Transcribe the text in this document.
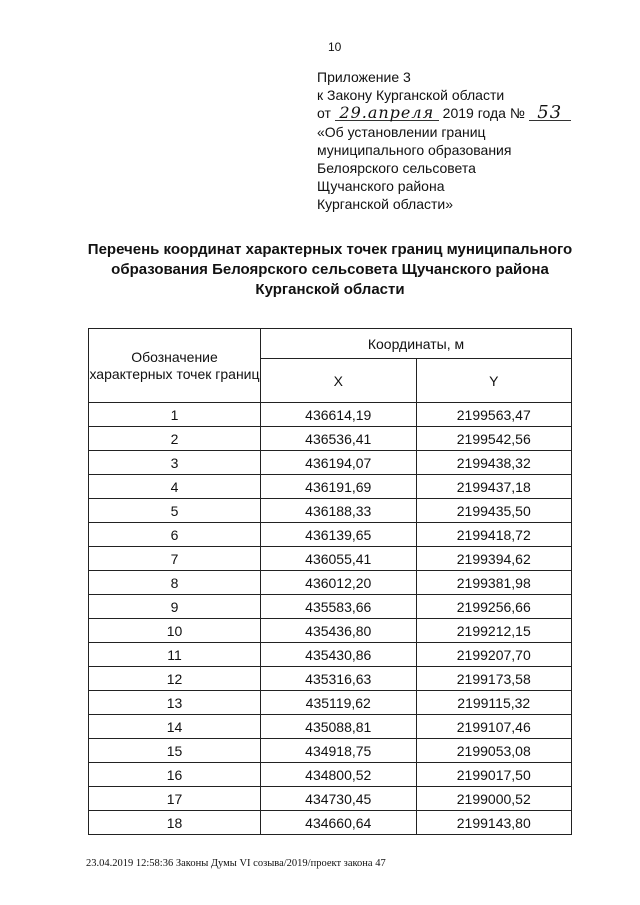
10
Приложение 3
к Закону Курганской области
от 29.апреля 2019 года № 53
«Об установлении границ
муниципального образования
Белоярского сельсовета
Щучанского района
Курганской области»
Перечень координат характерных точек границ муниципального
образования Белоярского сельсовета Щучанского района
Курганской области
Обозначение характерных точек границ	Координаты, м	
	X	Y
1	436614,19	2199563,47
2	436536,41	2199542,56
3	436194,07	2199438,32
4	436191,69	2199437,18
5	436188,33	2199435,50
6	436139,65	2199418,72
7	436055,41	2199394,62
8	436012,20	2199381,98
9	435583,66	2199256,66
10	435436,80	2199212,15
11	435430,86	2199207,70
12	435316,63	2199173,58
13	435119,62	2199115,32
14	435088,81	2199107,46
15	434918,75	2199053,08
16	434800,52	2199017,50
17	434730,45	2199000,52
18	434660,64	2199143,80
23.04.2019 12:58:36 Законы Думы VI созыва/2019/проект закона 47
